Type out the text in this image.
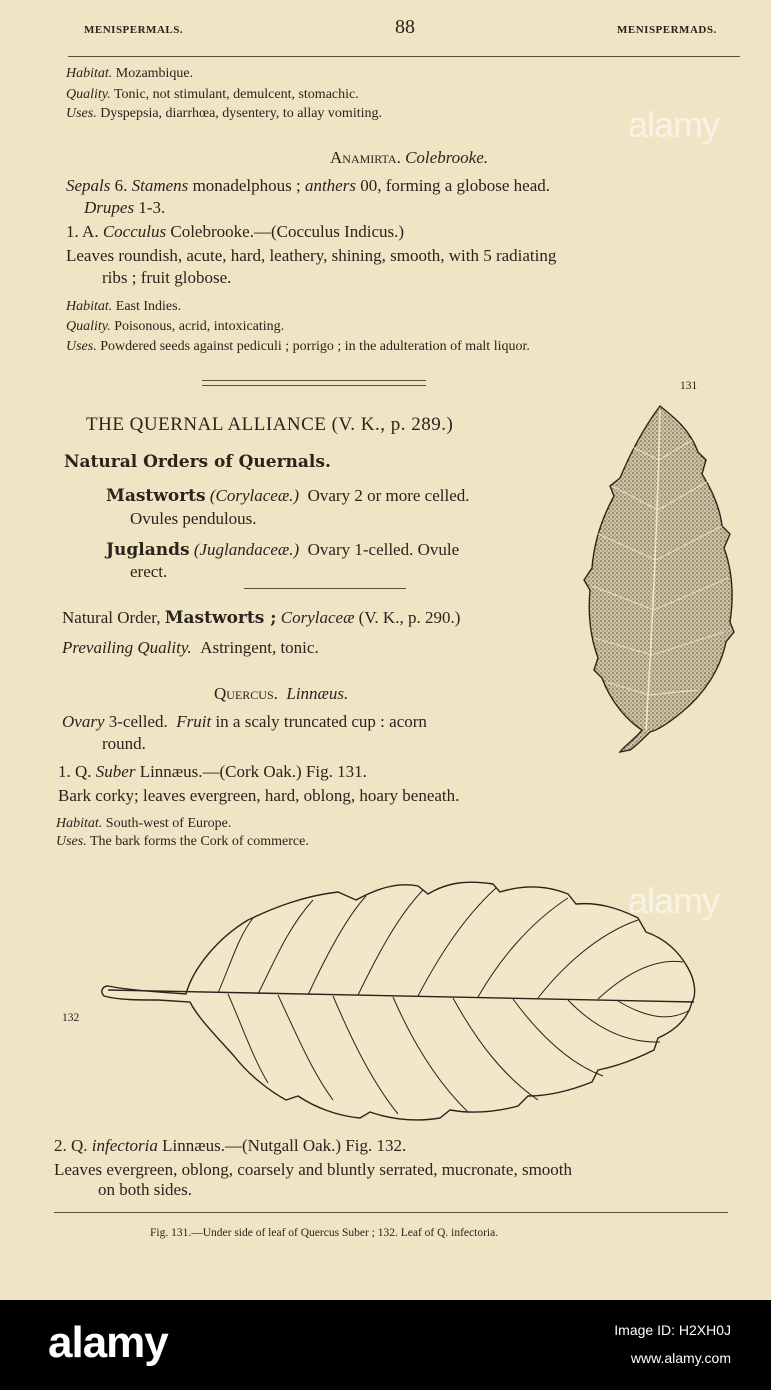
MENISPERMALS.	88	MENISPERMADS.
Habitat. Mozambique.
Quality. Tonic, not stimulant, demulcent, stomachic.
Uses. Dyspepsia, diarrhœa, dysentery, to allay vomiting.
Anamirta. Colebrooke.
Sepals 6. Stamens monadelphous ; anthers 00, forming a globose head.
Drupes 1-3.
1. A. Cocculus Colebrooke.—(Cocculus Indicus.)
Leaves roundish, acute, hard, leathery, shining, smooth, with 5 radiating
ribs ; fruit globose.
Habitat. East Indies.
Quality. Poisonous, acrid, intoxicating.
Uses. Powdered seeds against pediculi ; porrigo ; in the adulteration of malt liquor.
THE QUERNAL ALLIANCE (V. K., p. 289.)
Natural Orders of Quernals.
Mastworts (Corylaceæ.) Ovary 2 or more celled.
Ovules pendulous.
Juglands (Juglandaceæ.) Ovary 1-celled. Ovule
erect.
Natural Order, Mastworts ; Corylaceæ (V. K., p. 290.)
Prevailing Quality. Astringent, tonic.
Quercus. Linnæus.
Ovary 3-celled. Fruit in a scaly truncated cup : acorn
round.
1. Q. Suber Linnæus.—(Cork Oak.) Fig. 131.
Bark corky; leaves evergreen, hard, oblong, hoary beneath.
Habitat. South-west of Europe.
Uses. The bark forms the Cork of commerce.
131
132
2. Q. infectoria Linnæus.—(Nutgall Oak.) Fig. 132.
Leaves evergreen, oblong, coarsely and bluntly serrated, mucronate, smooth
on both sides.
Fig. 131.—Under side of leaf of Quercus Suber ; 132. Leaf of Q. infectoria.
alamy
alamy
alamy	Image ID: H2XH0J
www.alamy.com
